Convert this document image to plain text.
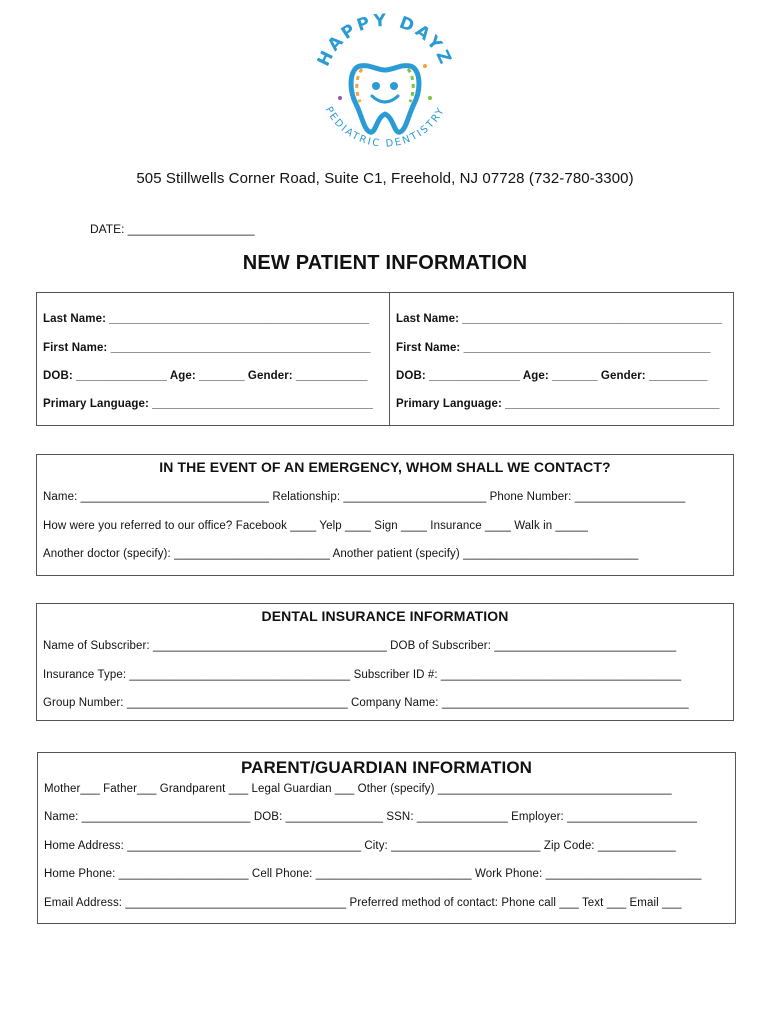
HAPPY DAYZ
PEDIATRIC DENTISTRY
505 Stillwells Corner Road, Suite C1, Freehold, NJ 07728 (732-780-3300)
DATE: ___________________
NEW PATIENT INFORMATION
Last Name: ________________________________________
First Name: ________________________________________
DOB: ______________ Age: _______ Gender: ___________
Primary Language: __________________________________
Last Name: ________________________________________
First Name: ______________________________________
DOB: ______________ Age: _______ Gender: _________
Primary Language: _________________________________
IN THE EVENT OF AN EMERGENCY, WHOM SHALL WE CONTACT?
Name: _____________________________ Relationship: ______________________ Phone Number: _________________
How were you referred to our office? Facebook ____ Yelp ____ Sign ____ Insurance ____ Walk in _____
Another doctor (specify): ________________________ Another patient (specify) ___________________________
DENTAL INSURANCE INFORMATION
Name of Subscriber: ____________________________________ DOB of Subscriber: ____________________________
Insurance Type: __________________________________ Subscriber ID #: _____________________________________
Group Number: __________________________________ Company Name: ______________________________________
PARENT/GUARDIAN INFORMATION
Mother___ Father___ Grandparent ___ Legal Guardian ___ Other (specify) ____________________________________
Name: __________________________ DOB: _______________ SSN: ______________ Employer: ____________________
Home Address: ____________________________________ City: _______________________ Zip Code: ____________
Home Phone: ____________________ Cell Phone: ________________________ Work Phone: ________________________
Email Address: __________________________________ Preferred method of contact: Phone call ___ Text ___ Email ___
